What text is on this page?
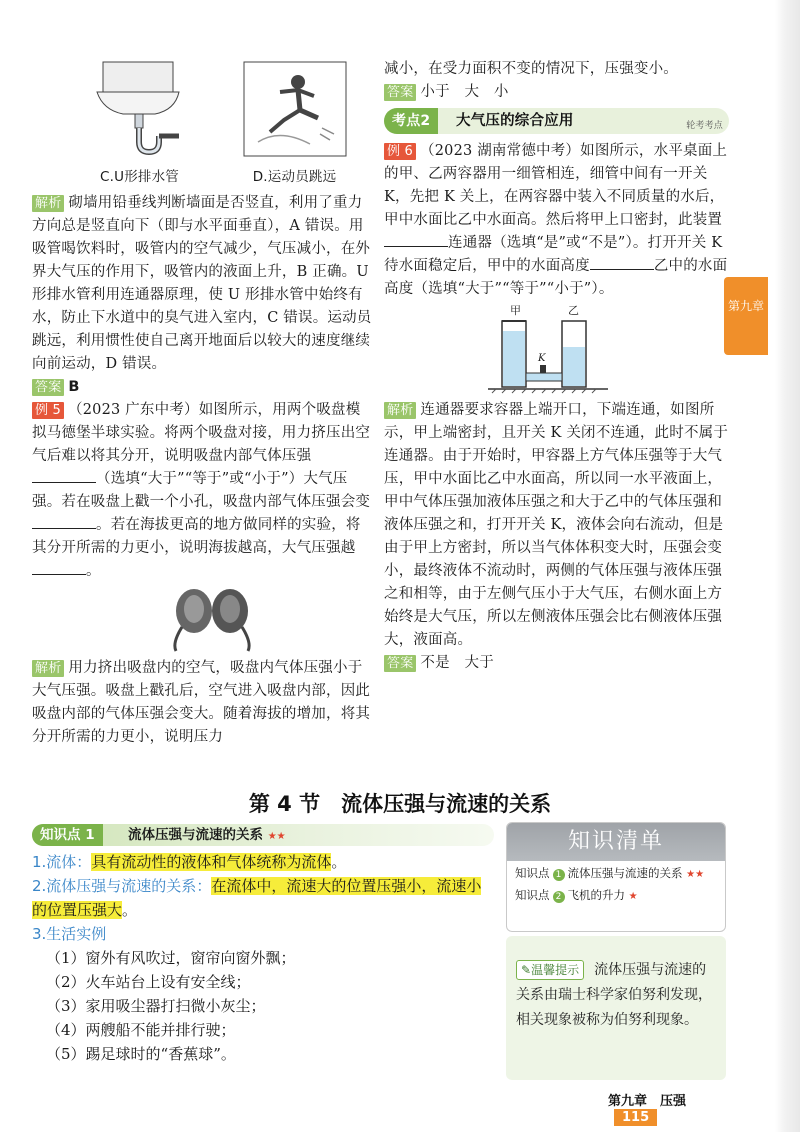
C.U形排水管	D.运动员跳远

解析 砌墙用铅垂线判断墙面是否竖直，利用了重力方向总是竖直向下（即与水平面垂直），A 错误。用吸管喝饮料时，吸管内的空气减少，气压减小，在外界大气压的作用下，吸管内的液面上升，B 正确。U 形排水管利用连通器原理，使 U 形排水管中始终有水，防止下水道中的臭气进入室内，C 错误。运动员跳远，利用惯性使自己离开地面后以较大的速度继续向前运动，D 错误。

答案 B

例 5 （2023 广东中考）如图所示，用两个吸盘模拟马德堡半球实验。将两个吸盘对接，用力挤压出空气后难以将其分开，说明吸盘内部气体压强（选填“大于”“等于”或“小于”）大气压强。若在吸盘上戳一个小孔，吸盘内部气体压强会变。若在海拔更高的地方做同样的实验，将其分开所需的力更小，说明海拔越高，大气压强越。

解析 用力挤出吸盘内的空气，吸盘内气体压强小于大气压强。吸盘上戳孔后，空气进入吸盘内部，因此吸盘内部的气体压强会变大。随着海拔的增加，将其分开所需的力更小，说明压力

减小，在受力面积不变的情况下，压强变小。

答案 小于　大　小

考点2	大气压的综合应用	轮考考点

例 6 （2023 湖南常德中考）如图所示，水平桌面上的甲、乙两容器用一细管相连，细管中间有一开关 K，先把 K 关上，在两容器中装入不同质量的水后，甲中水面比乙中水面高。然后将甲上口密封，此装置连通器（选填“是”或“不是”）。打开开关 K 待水面稳定后，甲中的水面高度	乙中的水面高度（选填“大于”“等于”“小于”）。

甲	乙
K

解析 连通器要求容器上端开口，下端连通，如图所示，甲上端密封，且开关 K 关闭不连通，此时不属于连通器。由于开始时，甲容器上方气体压强等于大气压，甲中水面比乙中水面高，所以同一水平液面上，甲中气体压强加液体压强之和大于乙中的气体压强和液体压强之和，打开开关 K，液体会向右流动，但是由于甲上方密封，所以当气体体积变大时，压强会变小，最终液体不流动时，两侧的气体压强与液体压强之和相等，由于左侧气压小于大气压，右侧水面上方始终是大气压，所以左侧液体压强会比右侧液体压强大，液面高。

答案 不是　大于

第九章
第 4 节　流体压强与流速的关系
知识点 1	流体压强与流速的关系 ★★

1.流体：具有流动性的液体和气体统称为流体。

2.流体压强与流速的关系：在流体中，流速大的位置压强小，流速小的位置压强大。

3.生活实例

（1）窗外有风吹过，窗帘向窗外飘；

（2）火车站台上设有安全线；

（3）家用吸尘器打扫微小灰尘；

（4）两艘船不能并排行驶；

（5）踢足球时的“香蕉球”。

知识清单
知识点 1 流体压强与流速的关系 ★★
知识点 2 飞机的升力 ★
✎温馨提示 流体压强与流速的关系由瑞士科学家伯努利发现，相关现象被称为伯努利现象。
第九章　压强115
